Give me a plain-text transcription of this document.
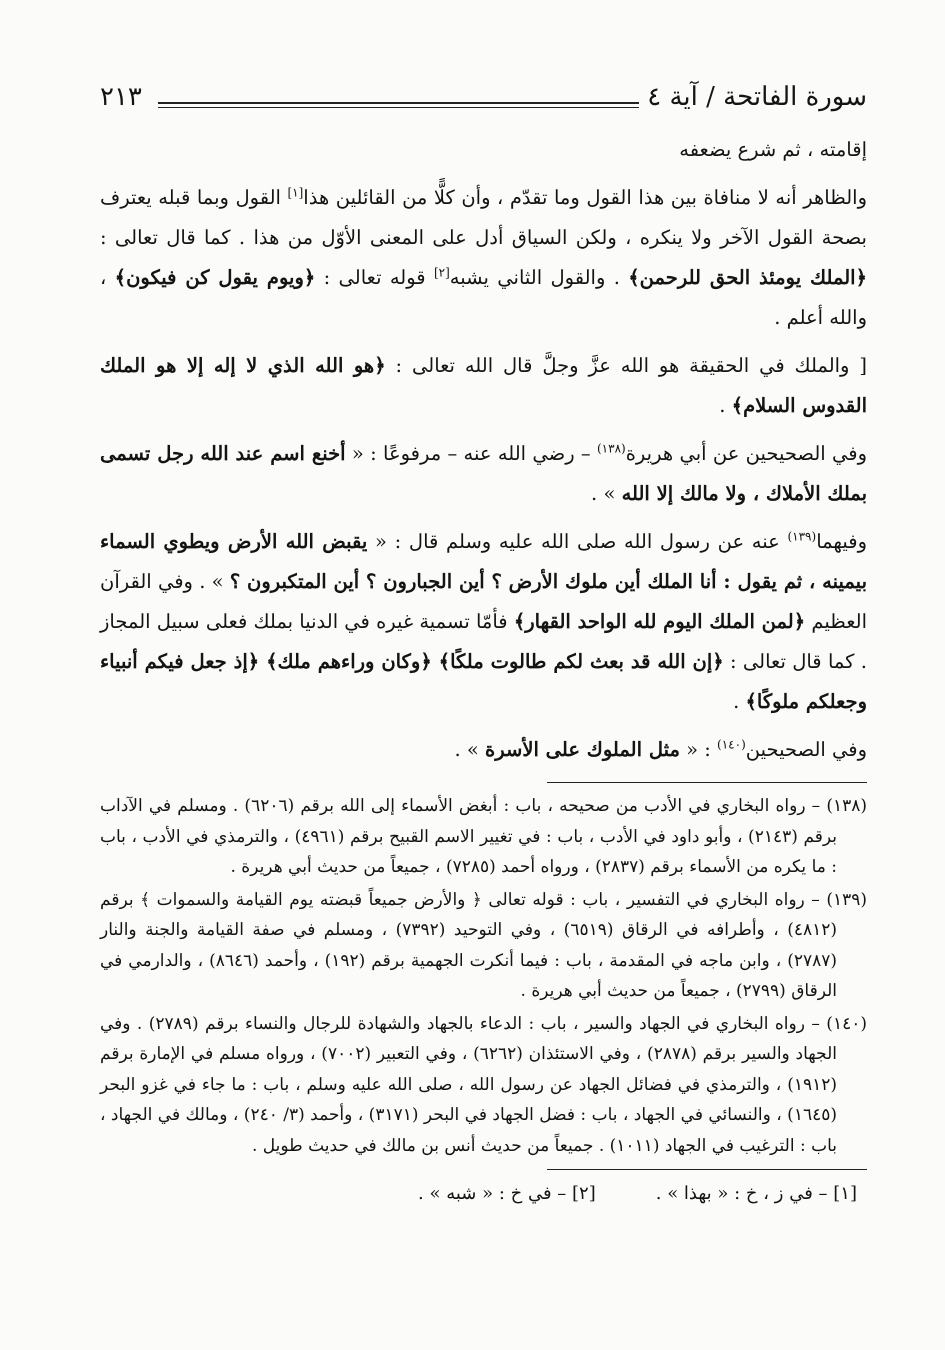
سورة الفاتحة / آية ٤
٢١٣

إقامته ، ثم شرع يضعفه

والظاهر أنه لا منافاة بين هذا القول وما تقدّم ، وأن كلًّا من القائلين هذا[١] القول وبما قبله يعترف بصحة القول الآخر ولا ينكره ، ولكن السياق أدل على المعنى الأوّل من هذا . كما قال تعالى : ﴿الملك يومئذ الحق للرحمن﴾ . والقول الثاني يشبه[٢] قوله تعالى : ﴿ويوم يقول كن فيكون﴾ ، والله أعلم .

[ والملك في الحقيقة هو الله عزَّ وجلَّ قال الله تعالى : ﴿هو الله الذي لا إله إلا هو الملك القدوس السلام﴾ .

وفي الصحيحين عن أبي هريرة$^{(١٣٨)}$ – رضي الله عنه – مرفوعًا : « أخنع اسم عند الله رجل تسمى بملك الأملاك ، ولا مالك إلا الله » .

وفيهما$^{(١٣٩)}$ عنه عن رسول الله صلى الله عليه وسلم قال : « يقبض الله الأرض ويطوي السماء بيمينه ، ثم يقول : أنا الملك أين ملوك الأرض ؟ أين الجبارون ؟ أين المتكبرون ؟ » . وفي القرآن العظيم ﴿لمن الملك اليوم لله الواحد القهار﴾ فأمّا تسمية غيره في الدنيا بملك فعلى سبيل المجاز . كما قال تعالى : ﴿إن الله قد بعث لكم طالوت ملكًا﴾ ﴿وكان وراءهم ملك﴾ ﴿إذ جعل فيكم أنبياء وجعلكم ملوكًا﴾ .

وفي الصحيحين$^{(١٤٠)}$ : « مثل الملوك على الأسرة » .

(١٣٨) – رواه البخاري في الأدب من صحيحه ، باب : أبغض الأسماء إلى الله برقم (٦٢٠٦) . ومسلم في الآداب برقم (٢١٤٣) ، وأبو داود في الأدب ، باب : في تغيير الاسم القبيح برقم (٤٩٦١) ، والترمذي في الأدب ، باب : ما يكره من الأسماء برقم (٢٨٣٧) ، ورواه أحمد (٧٢٨٥) ، جميعاً من حديث أبي هريرة .

(١٣٩) – رواه البخاري في التفسير ، باب : قوله تعالى ﴿ والأرض جميعاً قبضته يوم القيامة والسموات ﴾ برقم (٤٨١٢) ، وأطرافه في الرقاق (٦٥١٩) ، وفي التوحيد (٧٣٩٢) ، ومسلم في صفة القيامة والجنة والنار (٢٧٨٧) ، وابن ماجه في المقدمة ، باب : فيما أنكرت الجهمية برقم (١٩٢) ، وأحمد (٨٦٤٦) ، والدارمي في الرقاق (٢٧٩٩) ، جميعاً من حديث أبي هريرة .

(١٤٠) – رواه البخاري في الجهاد والسير ، باب : الدعاء بالجهاد والشهادة للرجال والنساء برقم (٢٧٨٩) . وفي الجهاد والسير برقم (٢٨٧٨) ، وفي الاستئذان (٦٢٦٢) ، وفي التعبير (٧٠٠٢) ، ورواه مسلم في الإمارة برقم (١٩١٢) ، والترمذي في فضائل الجهاد عن رسول الله ، صلى الله عليه وسلم ، باب : ما جاء في غزو البحر (١٦٤٥) ، والنسائي في الجهاد ، باب : فضل الجهاد في البحر (٣١٧١) ، وأحمد (٣/ ٢٤٠) ، ومالك في الجهاد ، باب : الترغيب في الجهاد (١٠١١) . جميعاً من حديث أنس بن مالك في حديث طويل .

[١] – في ز ، خ : « بهذا » .
[٢] – في خ : « شبه » .
